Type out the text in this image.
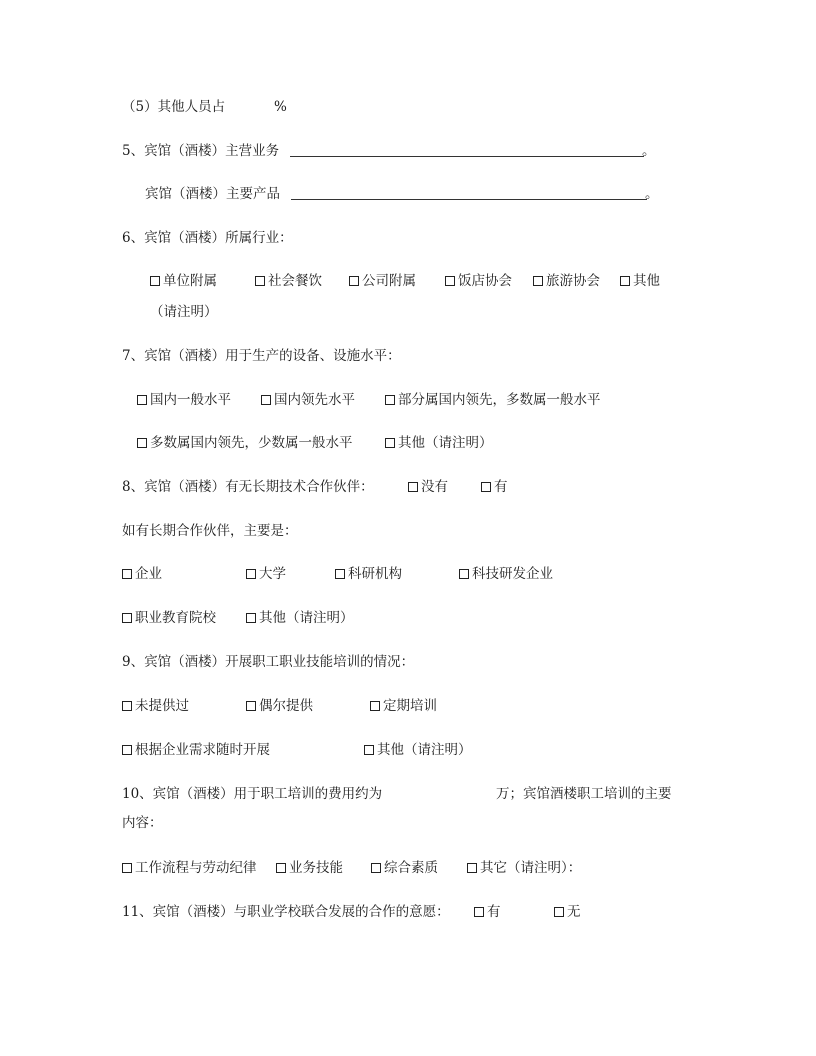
（5）其他人员占	%
5、宾馆（酒楼）主营业务	。
宾馆（酒楼）主要产品	。
6、宾馆（酒楼）所属行业：
单位附属	社会餐饮	公司附属	饭店协会	旅游协会 其他
（请注明）
7、宾馆（酒楼）用于生产的设备、设施水平：
国内一般水平	国内领先水平	部分属国内领先，多数属一般水平
多数属国内领先，少数属一般水平	其他（请注明）
8、宾馆（酒楼）有无长期技术合作伙伴：	没有	有
如有长期合作伙伴，主要是：
企业	大学	科研机构	科技研发企业
职业教育院校	其他（请注明）
9、宾馆（酒楼）开展职工职业技能培训的情况：
未提供过	偶尔提供	定期培训
根据企业需求随时开展	其他（请注明）
10、宾馆（酒楼）用于职工培训的费用约为	万；宾馆酒楼职工培训的主要
内容：
工作流程与劳动纪律 业务技能	综合素质	其它（请注明）：
11、宾馆（酒楼）与职业学校联合发展的合作的意愿：	有	无
